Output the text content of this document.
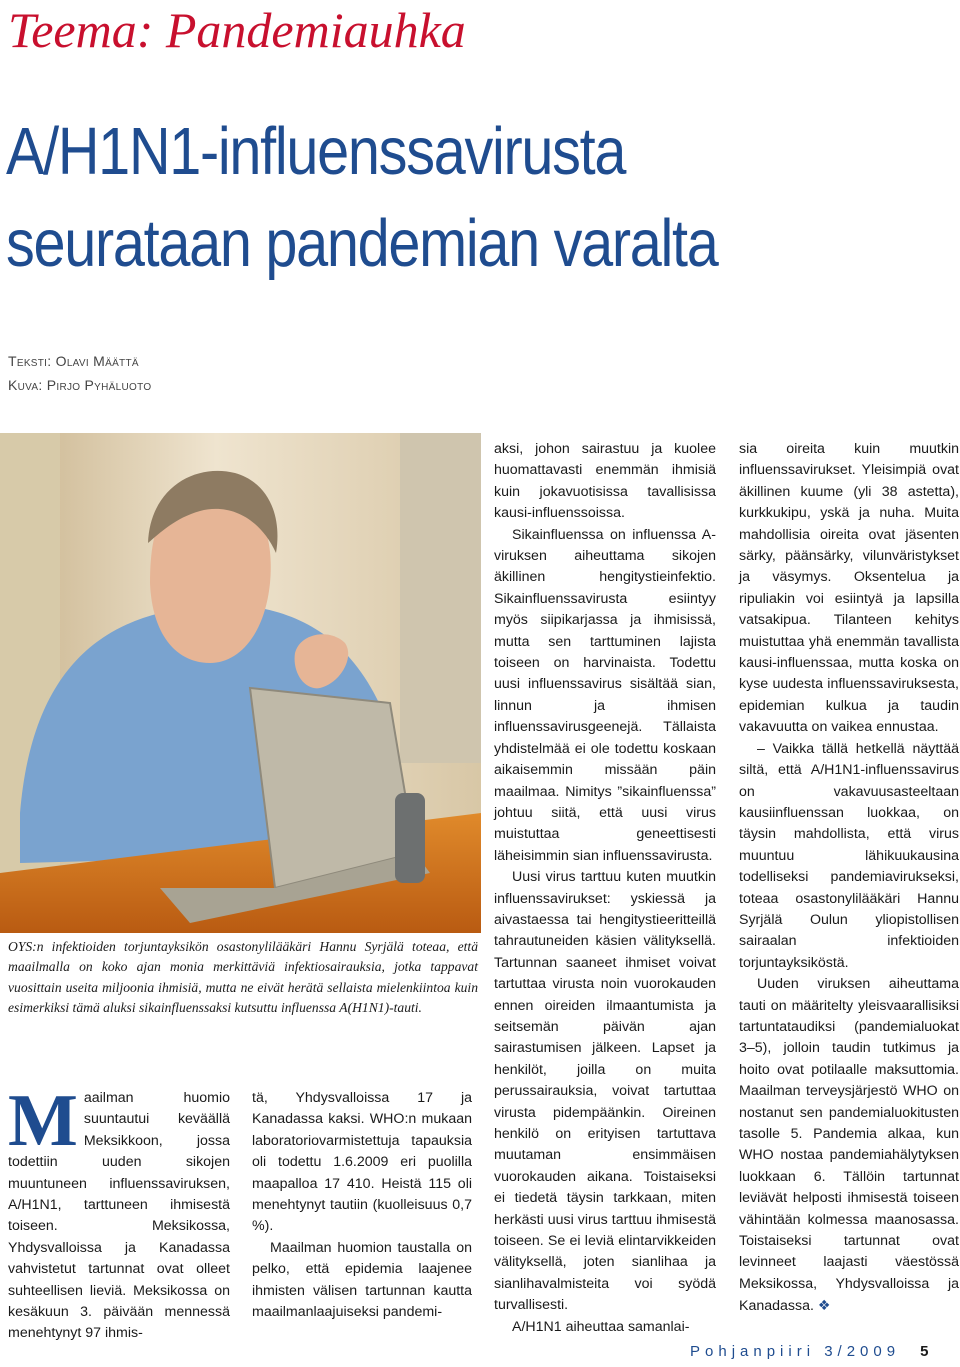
Teema: Pandemiauhka
A/H1N1-influenssavirusta
seurataan pandemian varalta
Teksti: Olavi Määttä
Kuva: Pirjo Pyhäluoto
OYS:n infektioiden torjuntayksikön osastonylilääkäri Hannu Syrjälä toteaa, että maailmalla on koko ajan monia merkittäviä infektiosairauksia, jotka tappavat vuosittain useita miljoonia ihmisiä, mutta ne eivät herätä sellaista mielenkiintoa kuin esimerkiksi tämä aluksi sikainfluenssaksi kutsuttu influenssa A(H1N1)-tauti.

Maailman huomio suuntautui keväällä Meksikkoon, jossa todettiin uuden sikojen muuntuneen influenssaviruksen, A/H1N1, tarttuneen ihmisestä toiseen. Meksikossa, Yhdysvalloissa ja Kanadassa vahvistetut tartunnat ovat olleet suhteellisen lieviä. Meksikossa on kesäkuun 3. päivään mennessä menehtynyt 97 ihmis-

tä, Yhdysvalloissa 17 ja Kanadassa kaksi. WHO:n mukaan laboratoriovarmistettuja tapauksia oli todettu 1.6.2009 eri puolilla maapalloa 17 410. Heistä 115 oli menehtynyt tautiin (kuolleisuus 0,7 %).

Maailman huomion taustalla on pelko, että epidemia laajenee ihmisten välisen tartunnan kautta maailmanlaajuiseksi pandemi-

aksi, johon sairastuu ja kuolee huomattavasti enemmän ihmisiä kuin jokavuotisissa tavallisissa kausi-influenssoissa.

Sikainfluenssa on influenssa A-viruksen aiheuttama sikojen äkillinen hengitystieinfektio. Sikainfluenssavirusta esiintyy myös siipikarjassa ja ihmisissä, mutta sen tarttuminen lajista toiseen on harvinaista. Todettu uusi influenssavirus sisältää sian, linnun ja ihmisen influenssavirusgeenejä. Tällaista yhdistelmää ei ole todettu koskaan aikaisemmin missään päin maailmaa. Nimitys ”sikainfluenssa” johtuu siitä, että uusi virus muistuttaa geneettisesti läheisimmin sian influenssavirusta.

Uusi virus tarttuu kuten muutkin influenssavirukset: yskiessä ja aivastaessa tai hengitystieeritteillä tahrautuneiden käsien välityksellä. Tartunnan saaneet ihmiset voivat tartuttaa virusta noin vuorokauden ennen oireiden ilmaantumista ja seitsemän päivän ajan sairastumisen jälkeen. Lapset ja henkilöt, joilla on muita perussairauksia, voivat tartuttaa virusta pidempäänkin. Oireinen henkilö on erityisen tartuttava muutaman ensimmäisen vuorokauden aikana. Toistaiseksi ei tiedetä täysin tarkkaan, miten herkästi uusi virus tarttuu ihmisestä toiseen. Se ei leviä elintarvikkeiden välityksellä, joten sianlihaa ja sianlihavalmisteita voi syödä turvallisesti.

A/H1N1 aiheuttaa samanlai-

sia oireita kuin muutkin influenssavirukset. Yleisimpiä ovat äkillinen kuume (yli 38 astetta), kurkkukipu, yskä ja nuha. Muita mahdollisia oireita ovat jäsenten särky, päänsärky, vilunväristykset ja väsymys. Oksentelua ja ripuliakin voi esiintyä ja lapsilla vatsakipua. Tilanteen kehitys muistuttaa yhä enemmän tavallista kausi-influenssaa, mutta koska on kyse uudesta influenssaviruksesta, epidemian kulkua ja taudin vakavuutta on vaikea ennustaa.

– Vaikka tällä hetkellä näyttää siltä, että A/H1N1-influenssavirus on vakavuusasteeltaan kausiinfluenssan luokkaa, on täysin mahdollista, että virus muuntuu lähikuukausina todelliseksi pandemiavirukseksi, toteaa osastonylilääkäri Hannu Syrjälä Oulun yliopistollisen sairaalan infektioiden torjuntayksiköstä.

Uuden viruksen aiheuttama tauti on määritelty yleisvaarallisiksi tartuntataudiksi (pandemialuokat 3–5), jolloin taudin tutkimus ja hoito ovat potilaalle maksuttomia. Maailman terveysjärjestö WHO on nostanut sen pandemialuokitusten tasolle 5. Pandemia alkaa, kun WHO nostaa pandemiahälytyksen luokkaan 6. Tällöin tartunnat leviävät helposti ihmisestä toiseen vähintään kolmessa maanosassa. Toistaiseksi tartunnat ovat levinneet laajasti väestössä Meksikossa, Yhdysvalloissa ja Kanadassa. ❖

Pohjanpiiri 3/2009 5
